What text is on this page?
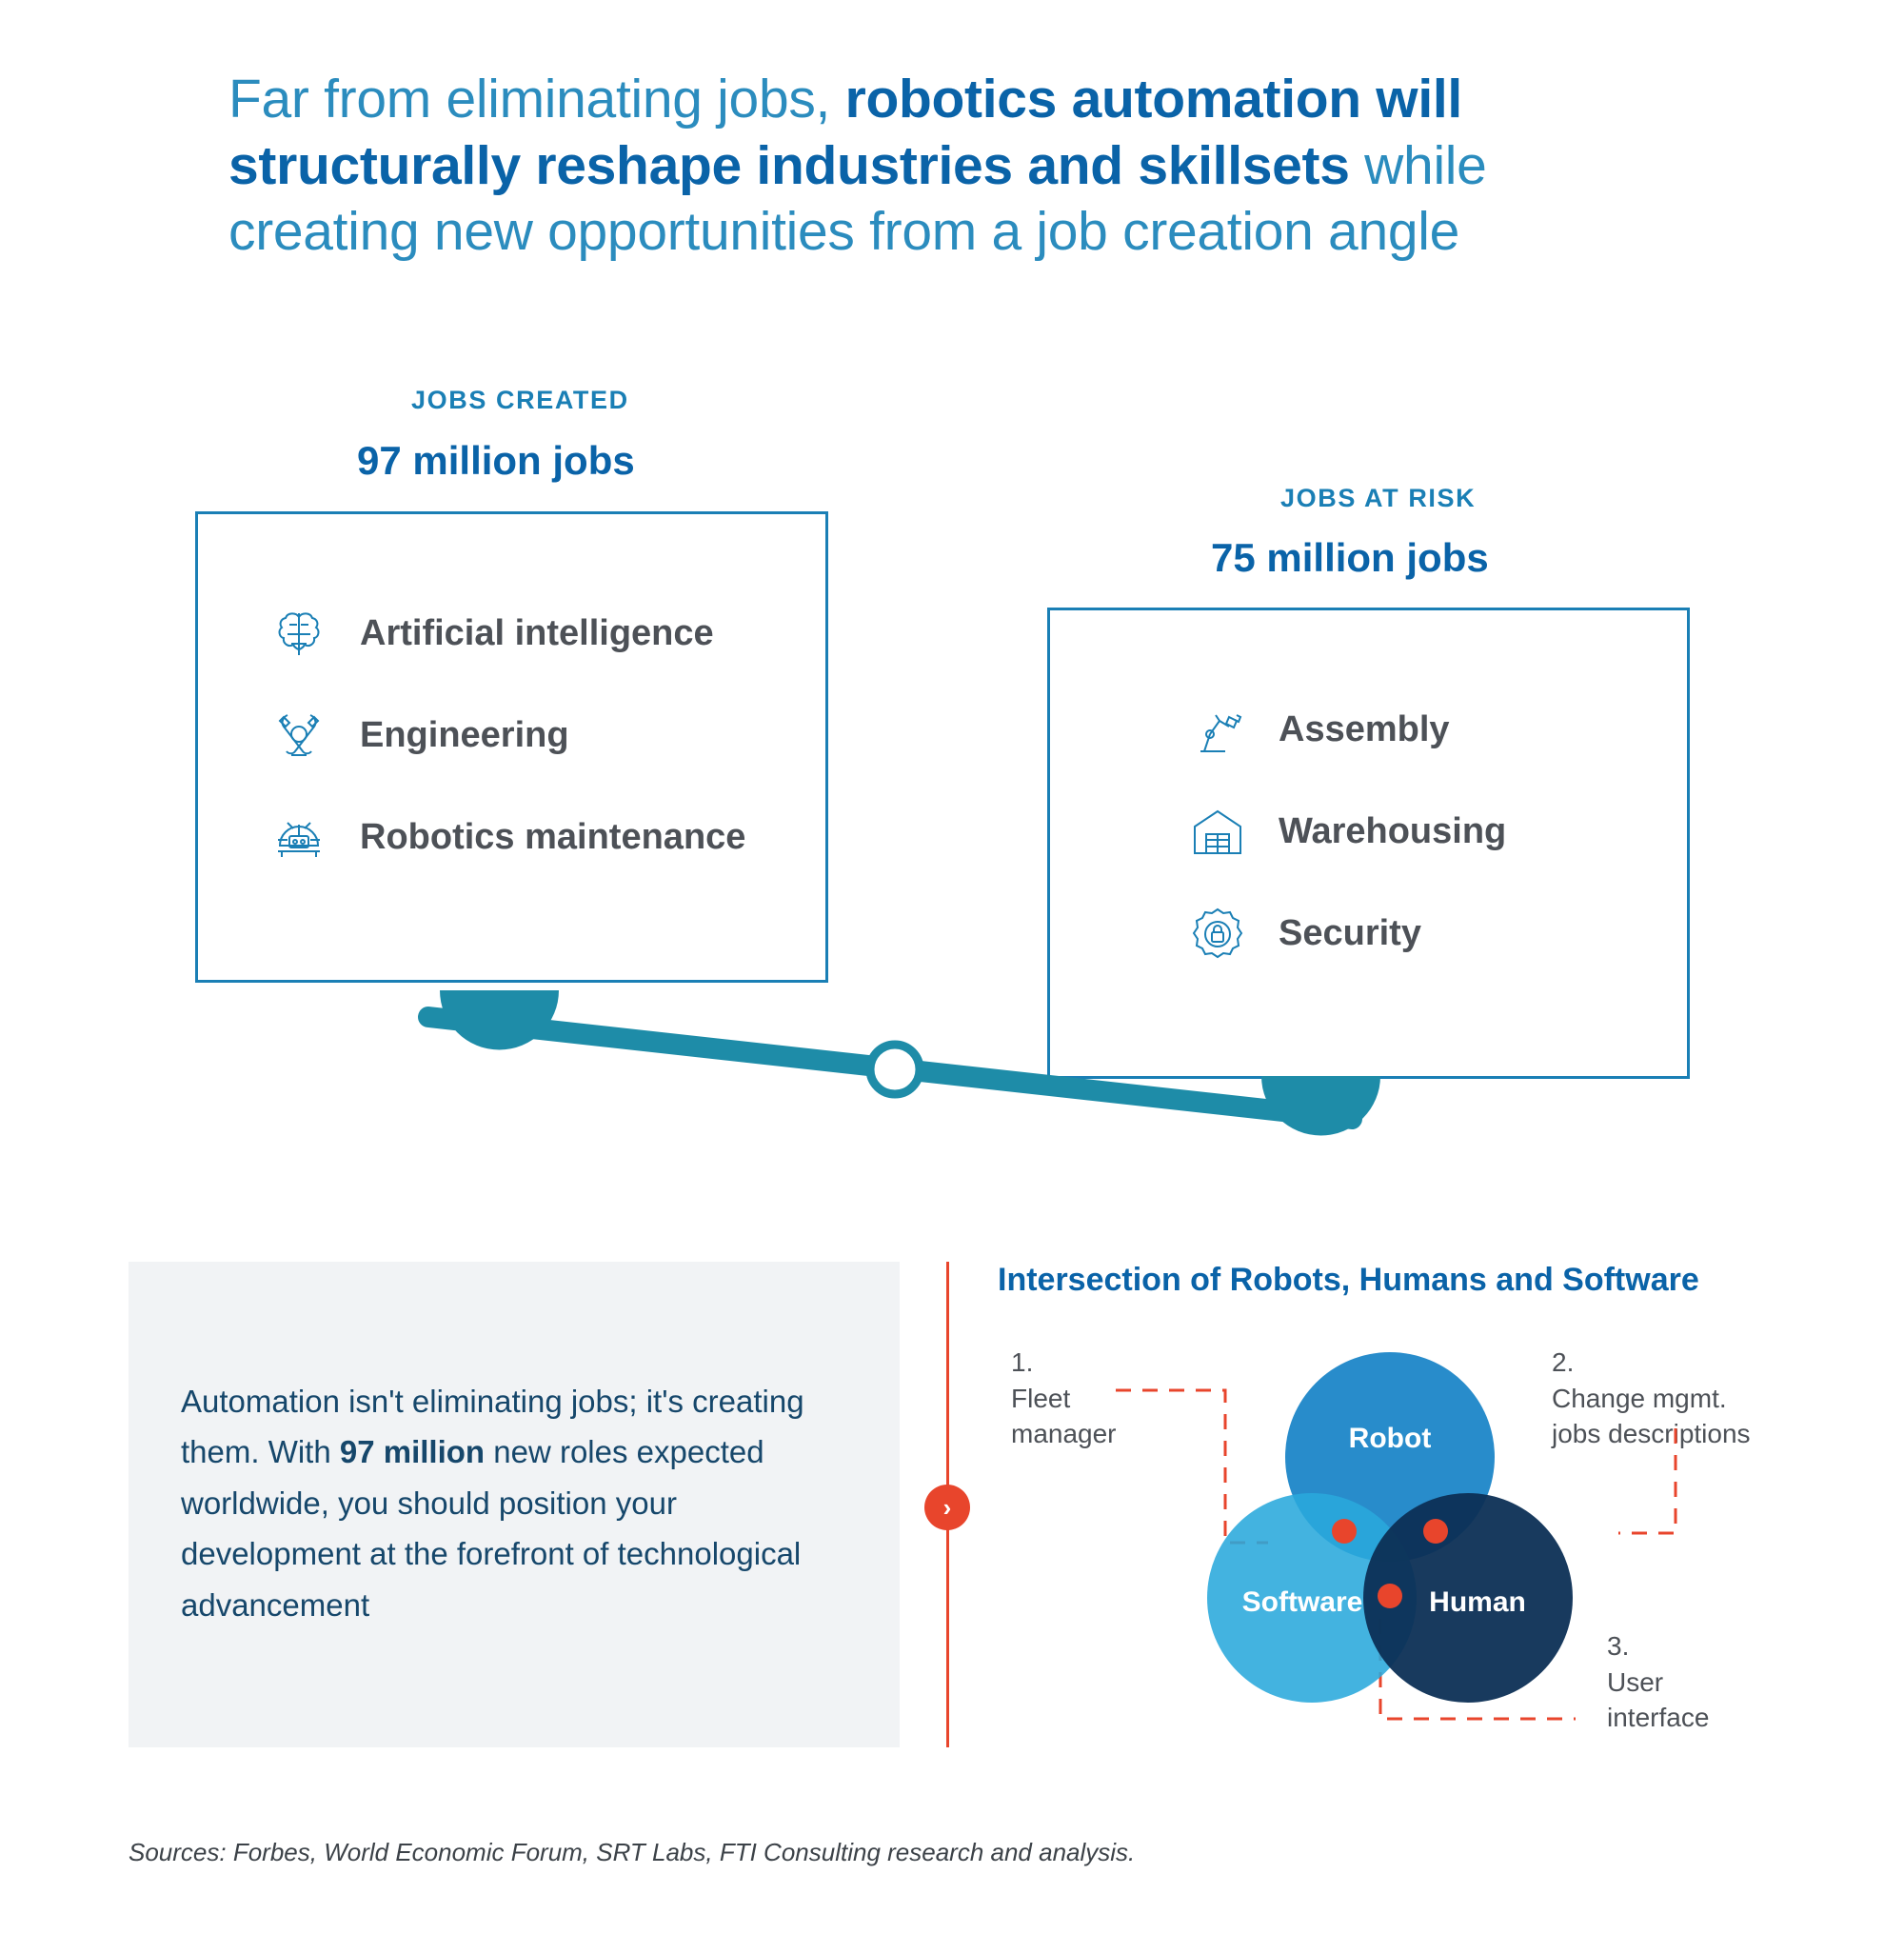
Far from eliminating jobs, robotics automation will structurally reshape industries and skillsets while creating new opportunities from a job creation angle
JOBS CREATED
97 million jobs
Artificial intelligence
Engineering
Robotics maintenance
JOBS AT RISK
75 million jobs
Assembly
Warehousing
Security
Automation isn't eliminating jobs; it's creating them. With 97 million new roles expected worldwide, you should position your development at the forefront of technological advancement
›
Intersection of Robots, Humans and Software
1.
Fleet
manager
2.
Change mgmt.
jobs descriptions
3.
User
interface
Robot
Software Human
Sources: Forbes, World Economic Forum, SRT Labs, FTI Consulting research and analysis.
